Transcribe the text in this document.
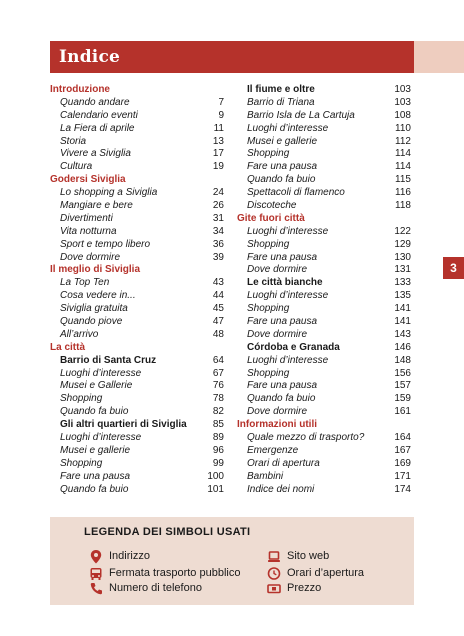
Indice
3
Introduzione
Quando andare	7
Calendario eventi	9
La Fiera di aprile	11
Storia	13
Vivere a Siviglia	17
Cultura	19
Godersi Siviglia
Lo shopping a Siviglia	24
Mangiare e bere	26
Divertimenti	31
Vita notturna	34
Sport e tempo libero	36
Dove dormire	39
Il meglio di Siviglia
La Top Ten	43
Cosa vedere in...	44
Siviglia gratuita	45
Quando piove	47
All’arrivo	48
La città
Barrio di Santa Cruz	64
Luoghi d’interesse	67
Musei e Gallerie	76
Shopping	78
Quando fa buio	82
Gli altri quartieri di Siviglia	85
Luoghi d’interesse	89
Musei e gallerie	96
Shopping	99
Fare una pausa	100
Quando fa buio	101
Il fiume e oltre	103
Barrio di Triana	103
Barrio Isla de La Cartuja	108
Luoghi d’interesse	110
Musei e gallerie	112
Shopping	114
Fare una pausa	114
Quando fa buio	115
Spettacoli di flamenco	116
Discoteche	118
Gite fuori città
Luoghi d’interesse	122
Shopping	129
Fare una pausa	130
Dove dormire	131
Le città bianche	133
Luoghi d’interesse	135
Shopping	141
Fare una pausa	141
Dove dormire	143
Córdoba e Granada	146
Luoghi d’interesse	148
Shopping	156
Fare una pausa	157
Quando fa buio	159
Dove dormire	161
Informazioni utili
Quale mezzo di trasporto?	164
Emergenze	167
Orari di apertura	169
Bambini	171
Indice dei nomi	174
LEGENDA DEI SIMBOLI USATI
Indirizzo
Fermata trasporto pubblico
Numero di telefono
Sito web
Orari d’apertura
Prezzo
